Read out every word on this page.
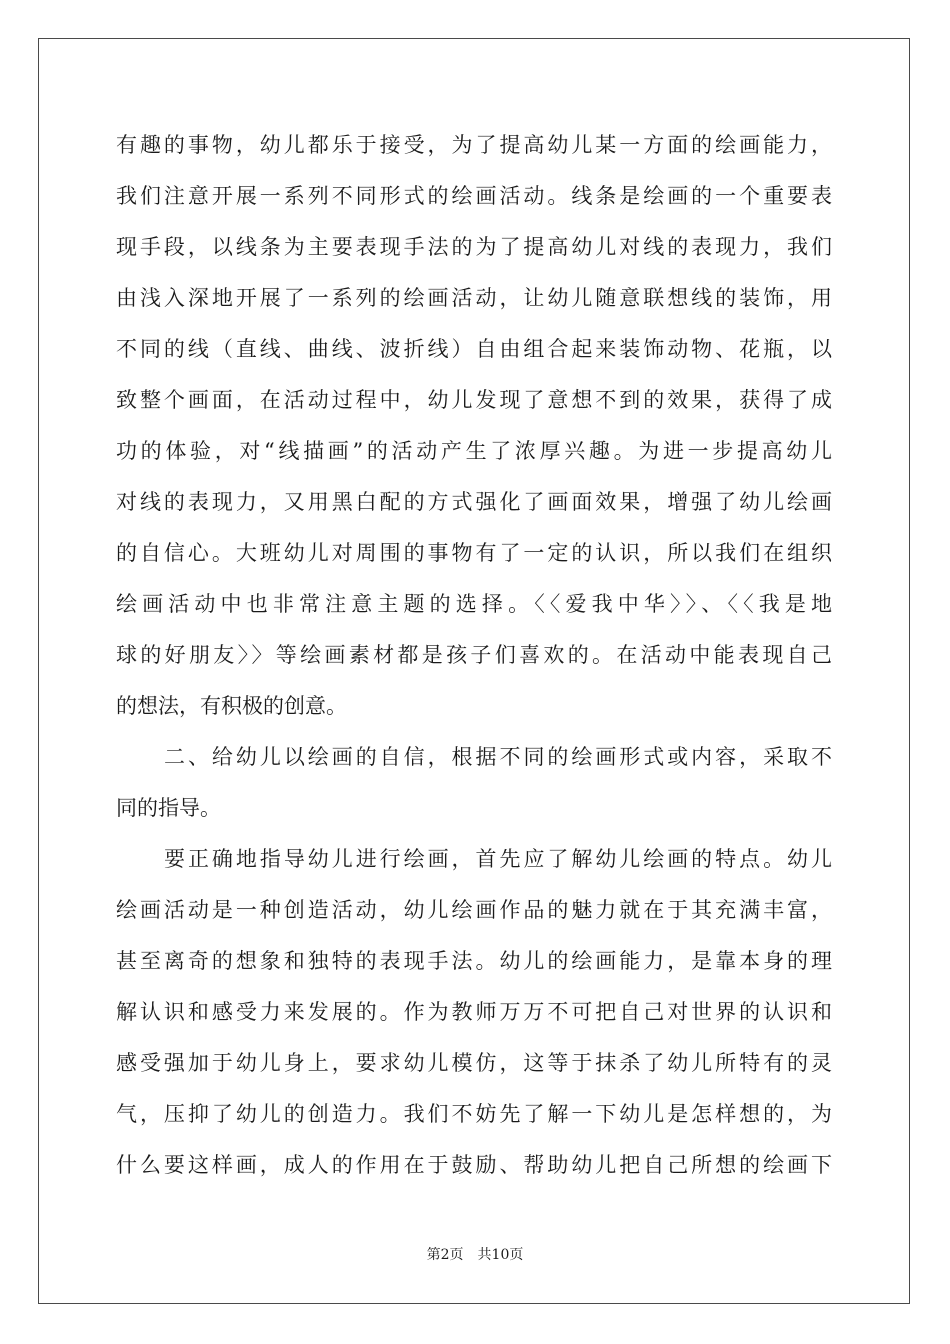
有趣的事物，幼儿都乐于接受，为了提高幼儿某一方面的绘画能力，
我们注意开展一系列不同形式的绘画活动。线条是绘画的一个重要表
现手段，以线条为主要表现手法的为了提高幼儿对线的表现力，我们
由浅入深地开展了一系列的绘画活动，让幼儿随意联想线的装饰，用
不同的线（直线、曲线、波折线）自由组合起来装饰动物、花瓶，以
致整个画面，在活动过程中，幼儿发现了意想不到的效果，获得了成
功的体验，对“线描画”的活动产生了浓厚兴趣。为进一步提高幼儿
对线的表现力，又用黑白配的方式强化了画面效果，增强了幼儿绘画
的自信心。大班幼儿对周围的事物有了一定的认识，所以我们在组织
绘画活动中也非常注意主题的选择。〈〈爱我中华〉〉、〈〈我是地
球的好朋友〉〉等绘画素材都是孩子们喜欢的。在活动中能表现自己
的想法，有积极的创意。
二、给幼儿以绘画的自信，根据不同的绘画形式或内容，采取不
同的指导。
要正确地指导幼儿进行绘画，首先应了解幼儿绘画的特点。幼儿
绘画活动是一种创造活动，幼儿绘画作品的魅力就在于其充满丰富，
甚至离奇的想象和独特的表现手法。幼儿的绘画能力，是靠本身的理
解认识和感受力来发展的。作为教师万万不可把自己对世界的认识和
感受强加于幼儿身上，要求幼儿模仿，这等于抹杀了幼儿所特有的灵
气，压抑了幼儿的创造力。我们不妨先了解一下幼儿是怎样想的，为
什么要这样画，成人的作用在于鼓励、帮助幼儿把自己所想的绘画下
第2页 共10页
